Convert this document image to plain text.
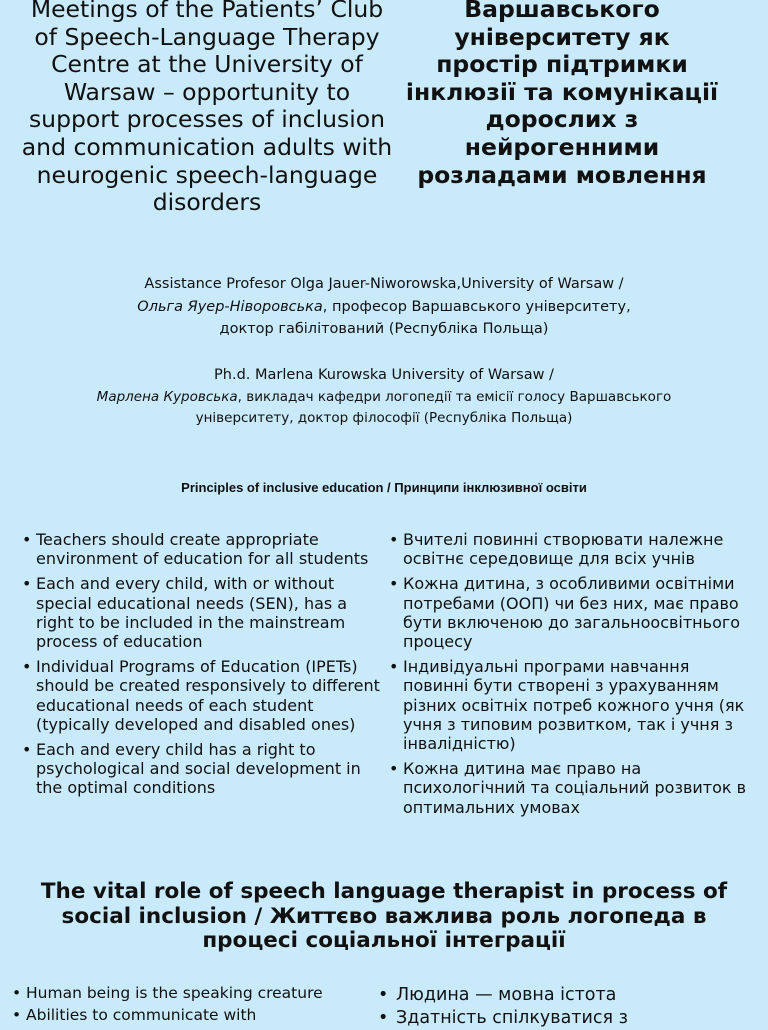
Meetings of the Patients’ Club of Speech-Language Therapy Centre at the University of Warsaw – opportunity to support processes of inclusion and communication adults with neurogenic speech-language disorders
Варшавського університету як простір підтримки інклюзії та комунікації дорослих з нейрогенними розладами мовлення
Assistance Profesor Olga Jauer-Niworowska,University of Warsaw /
Ольга Яуер-Ніворовська, професор Варшавського університету,
доктор габілітований (Республіка Польща)
Ph.d. Marlena Kurowska University of Warsaw /
Марлена Куровська, викладач кафедри логопедії та емісії голосу Варшавського
університету, доктор філософії (Республіка Польща)
Principles of inclusive education / Принципи інклюзивної освіти
• Teachers should create appropriate environment of education for all students
• Each and every child, with or without special educational needs (SEN), has a right to be included in the mainstream process of education
• Individual Programs of Education (IPETs) should be created responsively to different educational needs of each student (typically developed and disabled ones)
• Each and every child has a right to psychological and social development in the optimal conditions
• Вчителі повинні створювати належне освітнє середовище для всіх учнів
• Кожна дитина, з особливими освітніми потребами (ООП) чи без них, має право бути включеною до загальноосвітнього процесу
• Індивідуальні програми навчання повинні бути створені з урахуванням різних освітніх потреб кожного учня (як учня з типовим розвитком, так і учня з інвалідністю)
• Кожна дитина має право на психологічний та соціальний розвиток в оптимальних умовах
The vital role of speech language therapist in process of social inclusion / Життєво важлива роль логопеда в процесі соціальної інтеграції
• Human being is the speaking creature
• Abilities to communicate with
• Людина — мовна істота
• Здатність спілкуватися з
